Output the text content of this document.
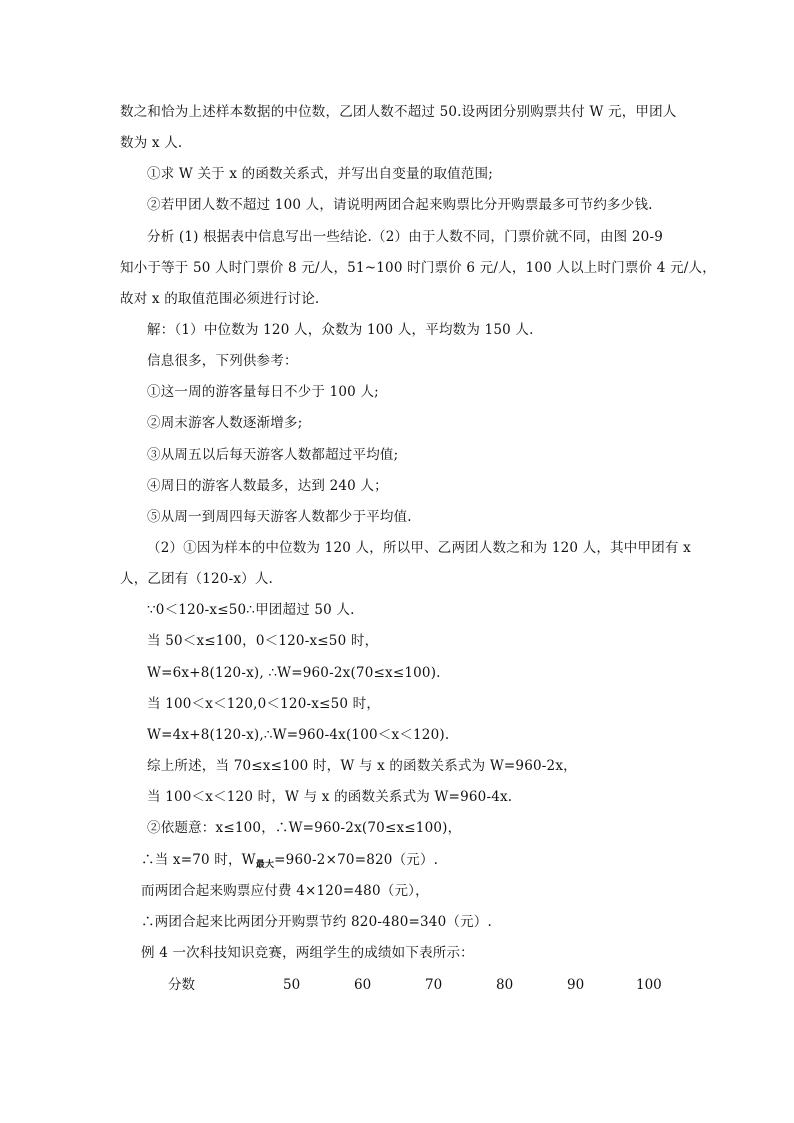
数之和恰为上述样本数据的中位数，乙团人数不超过 50.设两团分别购票共付 W 元，甲团人
数为 x 人.
①求 W 关于 x 的函数关系式，并写出自变量的取值范围;
②若甲团人数不超过 100 人，请说明两团合起来购票比分开购票最多可节约多少钱.
分析 (1) 根据表中信息写出一些结论.（2）由于人数不同，门票价就不同，由图 20-9
知小于等于 50 人时门票价 8 元/人，51~100 时门票价 6 元/人，100 人以上时门票价 4 元/人，
故对 x 的取值范围必须进行讨论.
解：（1）中位数为 120 人，众数为 100 人，平均数为 150 人.
信息很多，下列供参考：
①这一周的游客量每日不少于 100 人;
②周末游客人数逐渐增多;
③从周五以后每天游客人数都超过平均值;
④周日的游客人数最多，达到 240 人；
⑤从周一到周四每天游客人数都少于平均值.
（2）①因为样本的中位数为 120 人，所以甲、乙两团人数之和为 120 人，其中甲团有 x
人，乙团有（120-x）人.
∵0＜120-x≤50∴甲团超过 50 人.
当 50＜x≤100，0＜120-x≤50 时，
W=6x+8(120-x), ∴W=960-2x(70≤x≤100).
当 100＜x＜120,0＜120-x≤50 时，
W=4x+8(120-x),∴W=960-4x(100＜x＜120).
综上所述，当 70≤x≤100 时，W 与 x 的函数关系式为 W=960-2x，
当 100＜x＜120 时，W 与 x 的函数关系式为 W=960-4x.
②依题意：x≤100，∴W=960-2x(70≤x≤100)，
∴当 x=70 时，$W_{最大}=960-2\times 70=820$（元）.
而两团合起来购票应付费 4×120=480（元），
∴两团合起来比两团分开购票节约 820-480=340（元）.
例 4 一次科技知识竞赛，两组学生的成绩如下表所示：
分数	50	60	70	80	90	100
